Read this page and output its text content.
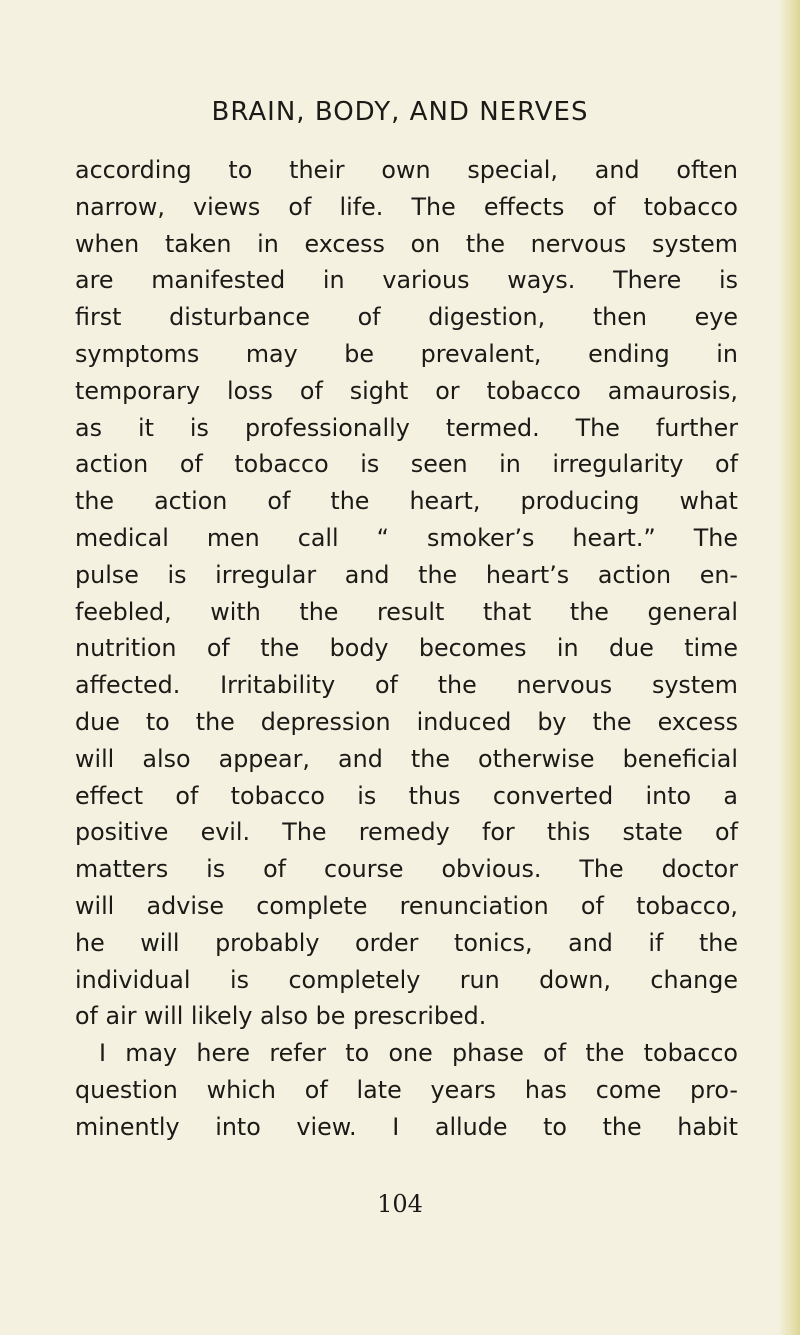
BRAIN, BODY, AND NERVES
according to their own special, and often
narrow, views of life. The effects of tobacco
when taken in excess on the nervous system
are manifested in various ways. There is
first disturbance of digestion, then eye
symptoms may be prevalent, ending in
temporary loss of sight or tobacco amaurosis,
as it is professionally termed. The further
action of tobacco is seen in irregularity of
the action of the heart, producing what
medical men call “ smoker’s heart.” The
pulse is irregular and the heart’s action en-
feebled, with the result that the general
nutrition of the body becomes in due time
affected. Irritability of the nervous system
due to the depression induced by the excess
will also appear, and the otherwise beneficial
effect of tobacco is thus converted into a
positive evil. The remedy for this state of
matters is of course obvious. The doctor
will advise complete renunciation of tobacco,
he will probably order tonics, and if the
individual is completely run down, change
of air will likely also be prescribed.
I may here refer to one phase of the tobacco
question which of late years has come pro-
minently into view. I allude to the habit
104
